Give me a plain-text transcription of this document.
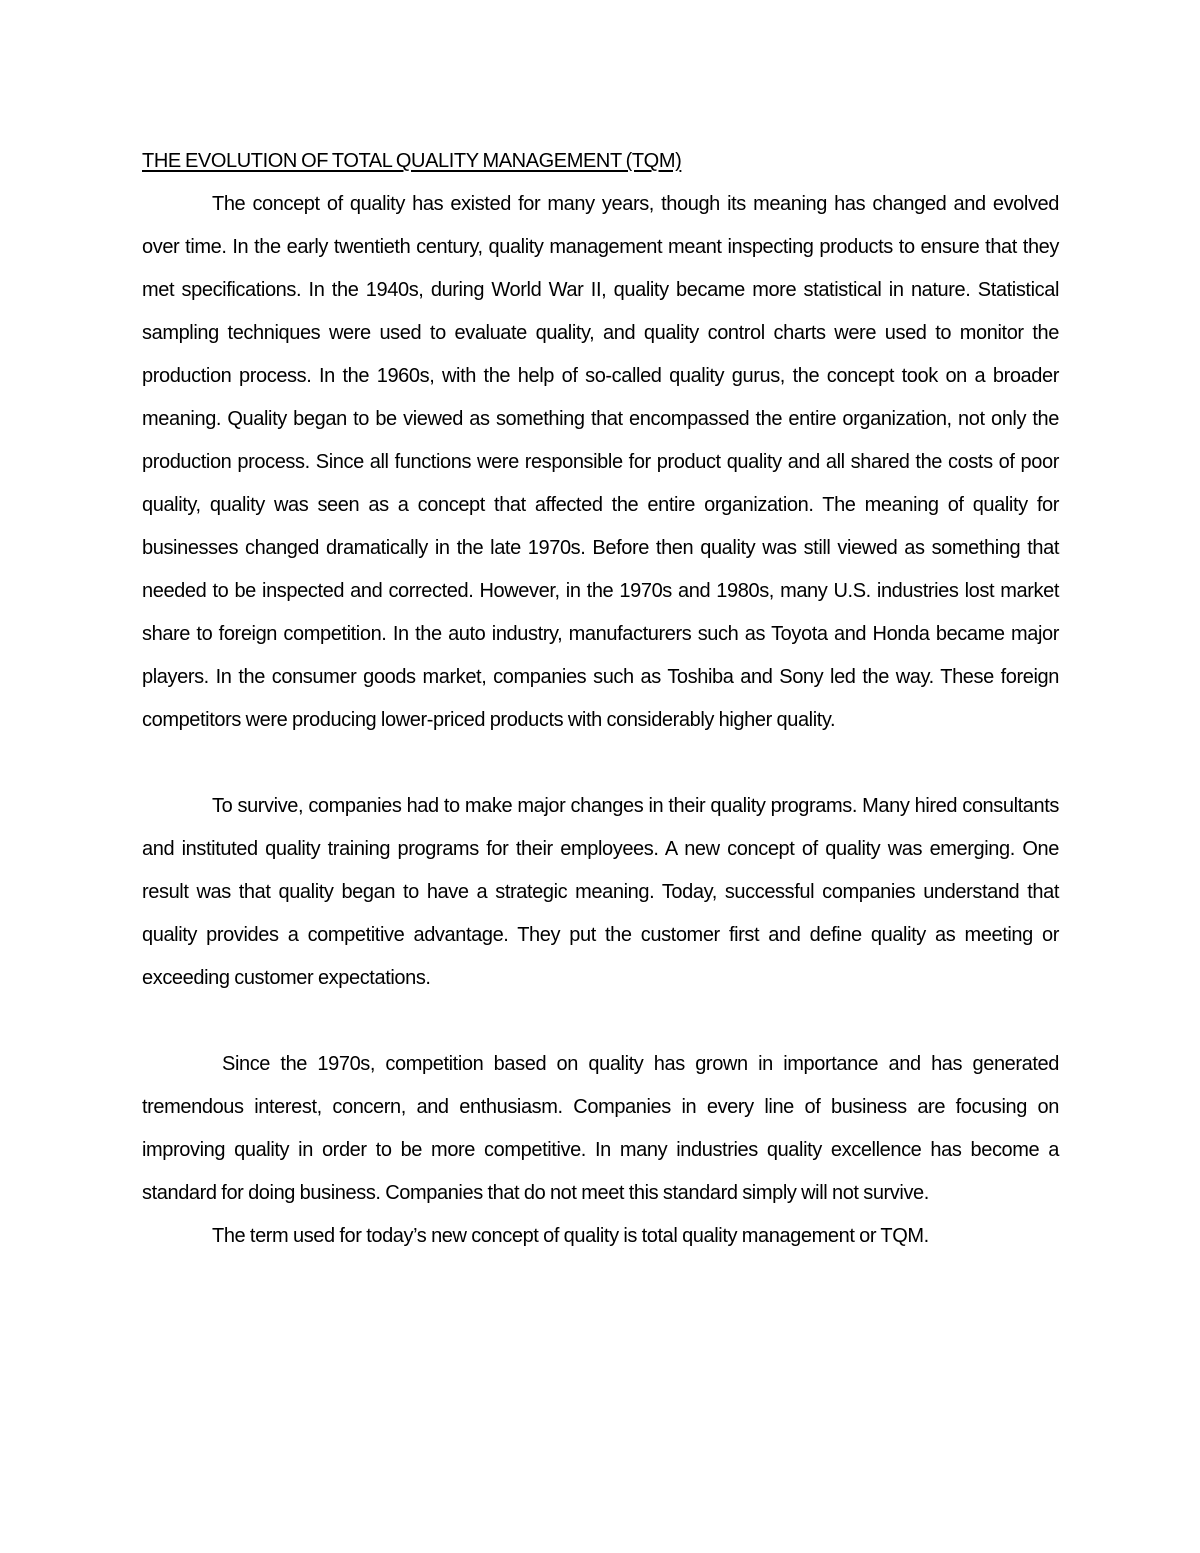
THE EVOLUTION OF TOTAL QUALITY MANAGEMENT (TQM)

The concept of quality has existed for many years, though its meaning has changed and evolved over time. In the early twentieth century, quality management meant inspecting products to ensure that they met specifications. In the 1940s, during World War II, quality became more statistical in nature. Statistical sampling techniques were used to evaluate quality, and quality control charts were used to monitor the production process. In the 1960s, with the help of so-called quality gurus, the concept took on a broader meaning. Quality began to be viewed as something that encompassed the entire organization, not only the production process. Since all functions were responsible for product quality and all shared the costs of poor quality, quality was seen as a concept that affected the entire organization. The meaning of quality for businesses changed dramatically in the late 1970s. Before then quality was still viewed as something that needed to be inspected and corrected. However, in the 1970s and 1980s, many U.S. industries lost market share to foreign competition. In the auto industry, manufacturers such as Toyota and Honda became major players. In the consumer goods market, companies such as Toshiba and Sony led the way. These foreign competitors were producing lower-priced products with considerably higher quality.

To survive, companies had to make major changes in their quality programs. Many hired consultants and instituted quality training programs for their employees. A new concept of quality was emerging. One result was that quality began to have a strategic meaning. Today, successful companies understand that quality provides a competitive advantage. They put the customer first and define quality as meeting or exceeding customer expectations.

Since the 1970s, competition based on quality has grown in importance and has generated tremendous interest, concern, and enthusiasm. Companies in every line of business are focusing on improving quality in order to be more competitive. In many industries quality excellence has become a standard for doing business. Companies that do not meet this standard simply will not survive.

The term used for today’s new concept of quality is total quality management or TQM.
